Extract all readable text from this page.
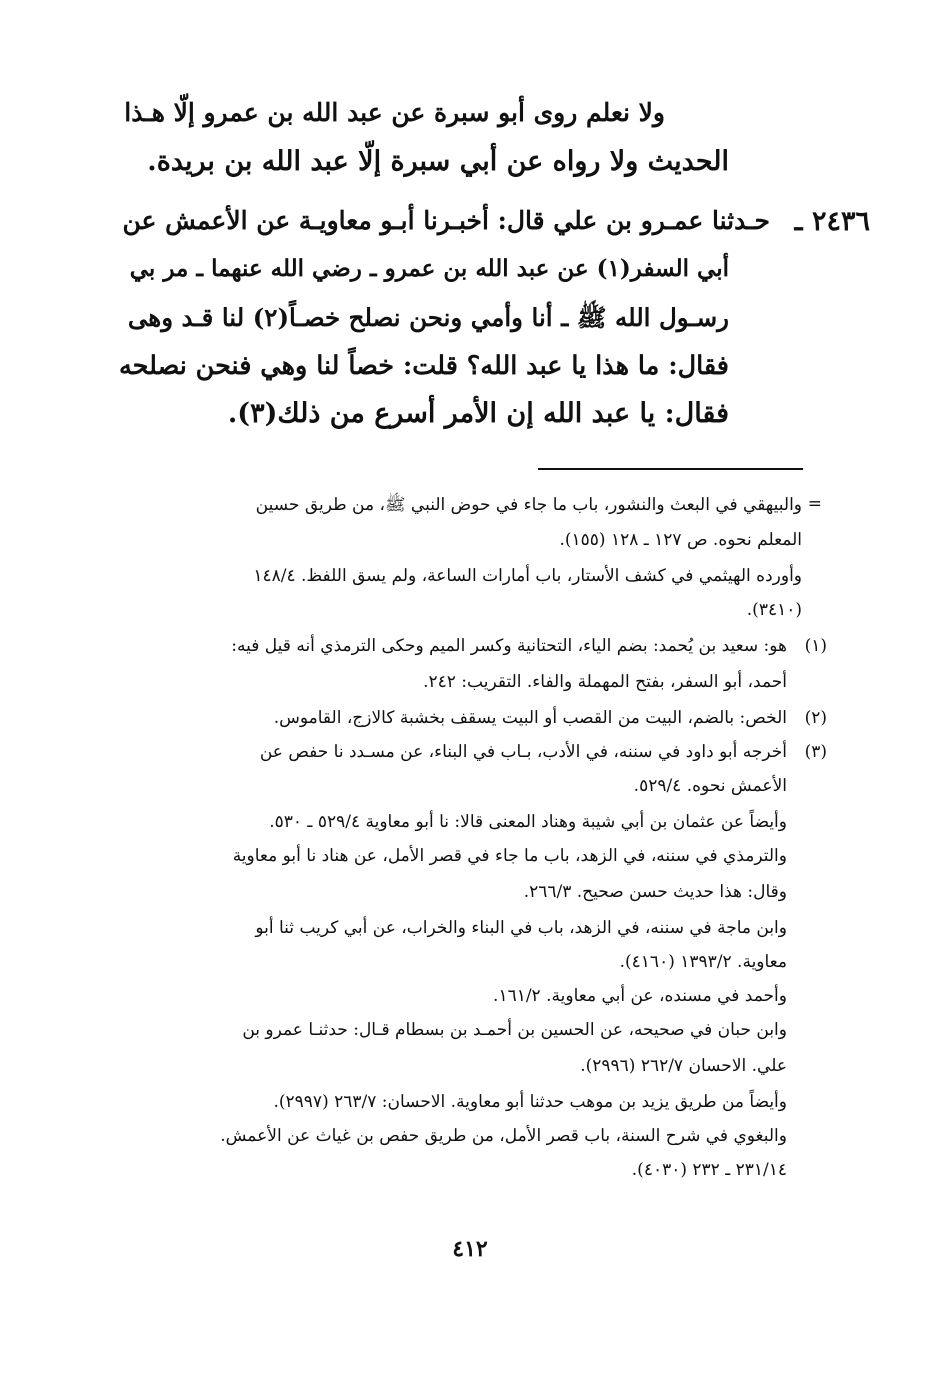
ولا نعلم روى أبو سبرة عن عبد الله بن عمرو إلّا هـذا
الحديث ولا رواه عن أبي سبرة إلّا عبد الله بن بريدة.
٢٤٣٦ ـ
حـدثنا عمـرو بن علي قال: أخبـرنا أبـو معاويـة عن الأعمش عن
أبي السفر(١) عن عبد الله بن عمرو ـ رضي الله عنهما ـ مر بي
رسـول الله ﷺ ـ أنا وأمي ونحن نصلح خصـاً(٢) لنا قـد وهى
فقال: ما هذا يا عبد الله؟ قلت: خصاً لنا وهي فنحن نصلحه
فقال: يا عبد الله إن الأمر أسرع من ذلك(٣).
=
والبيهقي في البعث والنشور، باب ما جاء في حوض النبي ﷺ، من طريق حسين
المعلم نحوه. ص ١٢٧ ـ ١٢٨ (١٥٥).
وأورده الهيثمي في كشف الأستار، باب أمارات الساعة، ولم يسق اللفظ. ١٤٨/٤
(٣٤١٠).
(١)
هو: سعيد بن يُحمد: بضم الياء، التحتانية وكسر الميم وحكى الترمذي أنه قيل فيه:
أحمد، أبو السفر، بفتح المهملة والفاء. التقريب: ٢٤٢.
(٢)
الخص: بالضم، البيت من القصب أو البيت يسقف بخشبة كالازج، القاموس.
(٣)
أخرجه أبو داود في سننه، في الأدب، بـاب في البناء، عن مسـدد نا حفص عن
الأعمش نحوه. ٥٢٩/٤.
وأيضاً عن عثمان بن أبي شيبة وهناد المعنى قالا: نا أبو معاوية ٥٢٩/٤ ـ ٥٣٠.
والترمذي في سننه، في الزهد، باب ما جاء في قصر الأمل، عن هناد نا أبو معاوية
وقال: هذا حديث حسن صحيح. ٢٦٦/٣.
وابن ماجة في سننه، في الزهد، باب في البناء والخراب، عن أبي كريب ثنا أبو
معاوية. ١٣٩٣/٢ (٤١٦٠).
وأحمد في مسنده، عن أبي معاوية. ١٦١/٢.
وابن حبان في صحيحه، عن الحسين بن أحمـد بن بسطام قـال: حدثنـا عمرو بن
علي. الاحسان ٢٦٢/٧ (٢٩٩٦).
وأيضاً من طريق يزيد بن موهب حدثنا أبو معاوية. الاحسان: ٢٦٣/٧ (٢٩٩٧).
والبغوي في شرح السنة، باب قصر الأمل، من طريق حفص بن غياث عن الأعمش.
٢٣١/١٤ ـ ٢٣٢ (٤٠٣٠).
٤١٢
